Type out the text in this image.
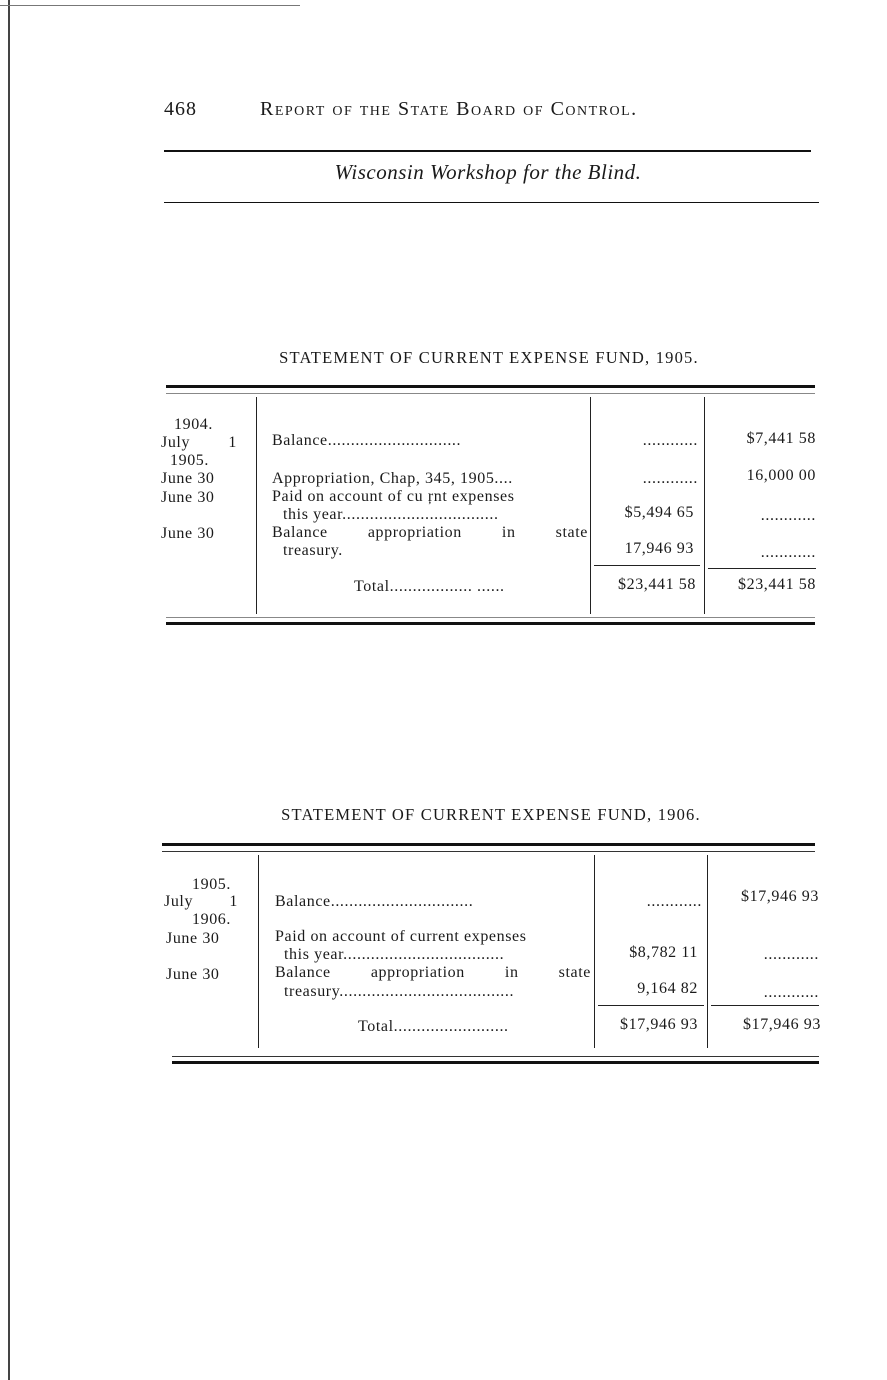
468	Report of the State Board of Control.
Wisconsin Workshop for the Blind.
STATEMENT OF CURRENT EXPENSE FUND, 1905.
1904.
July 1 Balance.............................	............	$7,441 58
1905.
June 30	Appropriation, Chap, 345, 1905....	............	16,000 00
June 30	Paid on account of cu ŗnt expenses
this year..................................	$5,494 65	............
June 30	Balance appropriation in state
treasury.	17,946 93	............
Total.................. ......	$23,441 58	$23,441 58
STATEMENT OF CURRENT EXPENSE FUND, 1906.
1905.
July 1 Balance...............................	............	$17,946 93
1906.
June 30	Paid on account of current expenses
this year...................................	$8,782 11	............
June 30	Balance appropriation in state
treasury......................................	9,164 82	............
Total.........................	$17,946 93	$17,946 93
